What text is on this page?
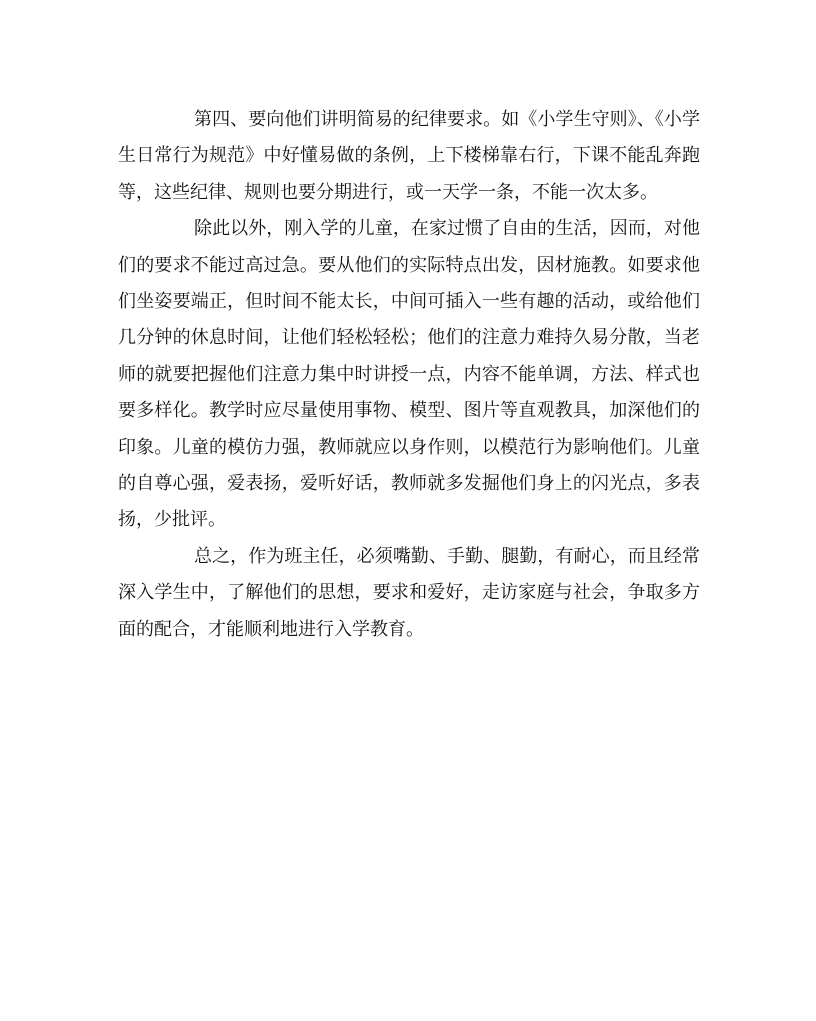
第四、要向他们讲明简易的纪律要求。如《小学生守则》、《小学生日常行为规范》中好懂易做的条例，上下楼梯靠右行，下课不能乱奔跑等，这些纪律、规则也要分期进行，或一天学一条，不能一次太多。

除此以外，刚入学的儿童，在家过惯了自由的生活，因而，对他们的要求不能过高过急。要从他们的实际特点出发，因材施教。如要求他们坐姿要端正，但时间不能太长，中间可插入一些有趣的活动，或给他们几分钟的休息时间，让他们轻松轻松；他们的注意力难持久易分散，当老师的就要把握他们注意力集中时讲授一点，内容不能单调，方法、样式也要多样化。教学时应尽量使用事物、模型、图片等直观教具，加深他们的印象。儿童的模仿力强，教师就应以身作则，以模范行为影响他们。儿童的自尊心强，爱表扬，爱听好话，教师就多发掘他们身上的闪光点，多表扬，少批评。

总之，作为班主任，必须嘴勤、手勤、腿勤，有耐心，而且经常深入学生中，了解他们的思想，要求和爱好，走访家庭与社会，争取多方面的配合，才能顺利地进行入学教育。
